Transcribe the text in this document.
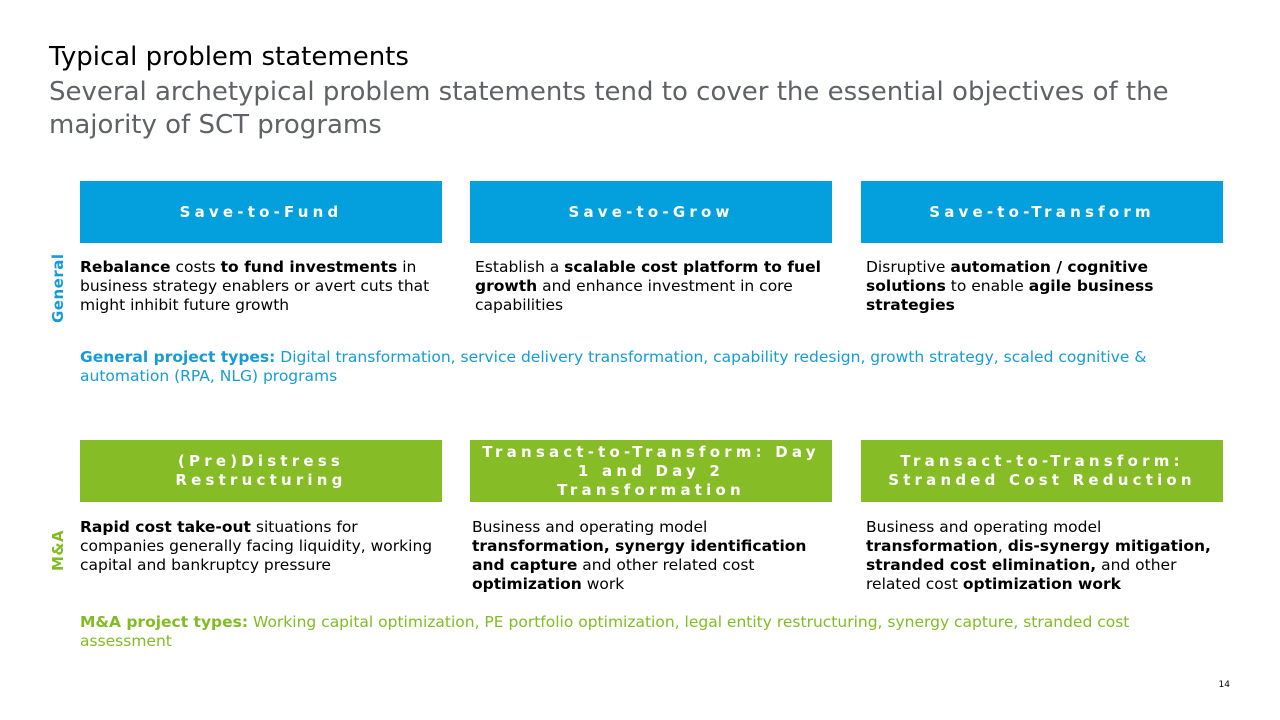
Typical problem statements

Several archetypical problem statements tend to cover the essential objectives of the majority of SCT programs

General
M&A
Save-to-Fund	Save-to-Grow	Save-to-Transform
Rebalance costs to fund investments in business strategy enablers or avert cuts that might inhibit future growth
Establish a scalable cost platform to fuel growth and enhance investment in core capabilities
Disruptive automation / cognitive solutions to enable agile business strategies
General project types: Digital transformation, service delivery transformation, capability redesign, growth strategy, scaled cognitive & automation (RPA, NLG) programs
(Pre)Distress Restructuring
Transact-to-Transform: Day 1 and Day 2 Transformation
Transact-to-Transform: Stranded Cost Reduction
Rapid cost take-out situations for companies generally facing liquidity, working capital and bankruptcy pressure
Business and operating model transformation, synergy identification and capture and other related cost optimization work
Business and operating model transformation, dis-synergy mitigation, stranded cost elimination, and other related cost optimization work
M&A project types: Working capital optimization, PE portfolio optimization, legal entity restructuring, synergy capture, stranded cost assessment
14
